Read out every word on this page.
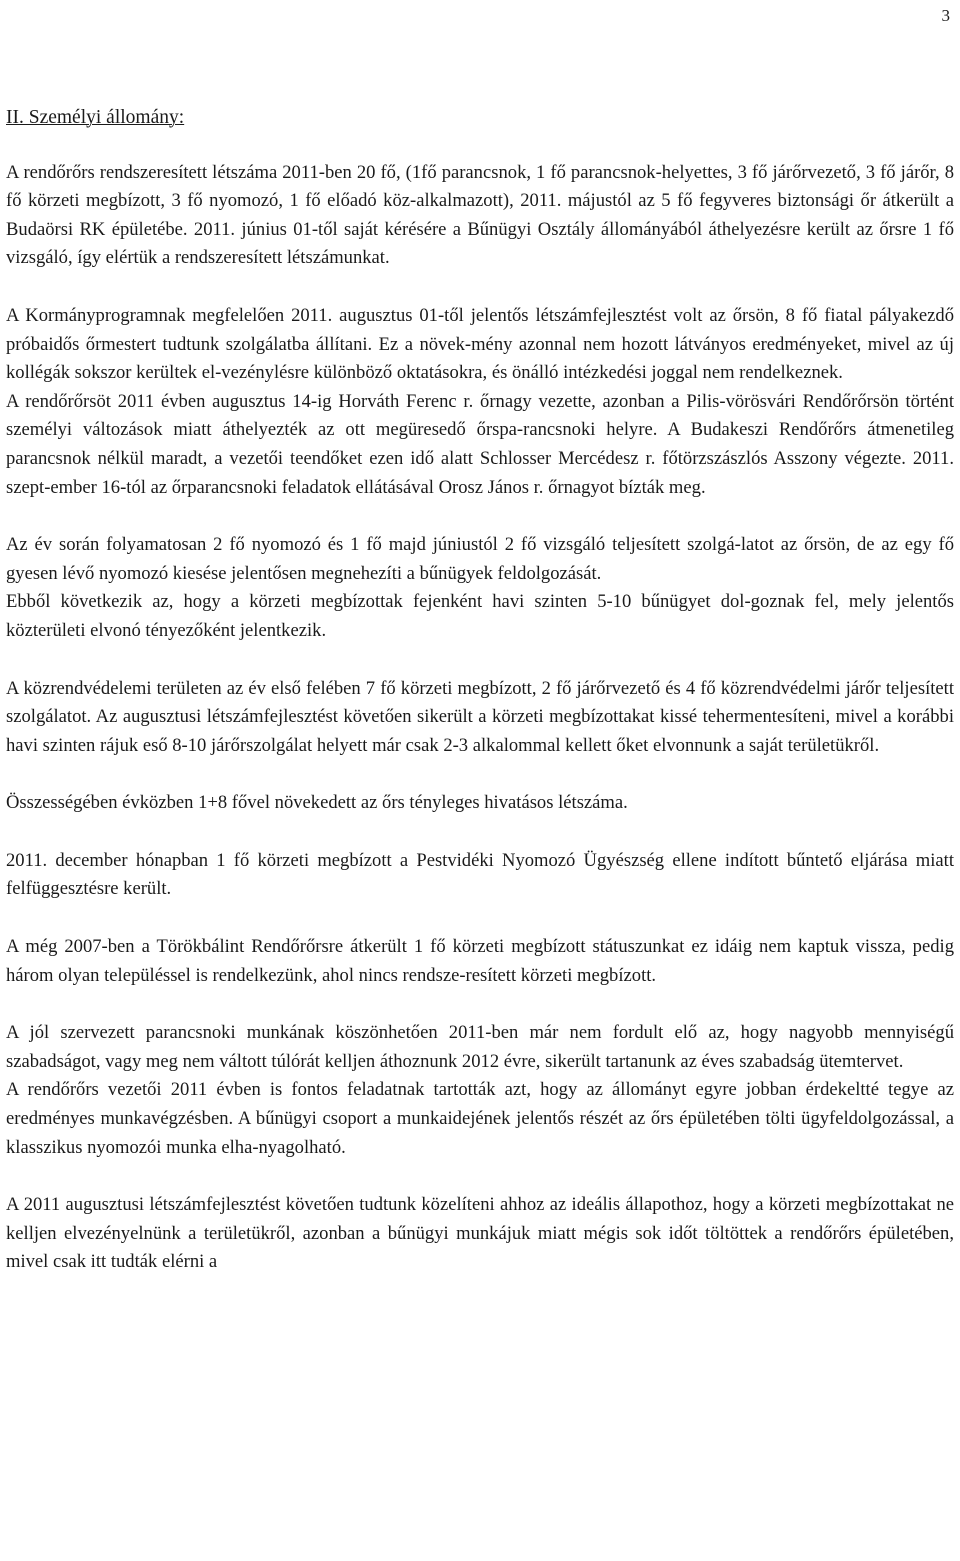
3
II. Személyi állomány:

A rendőrőrs rendszeresített létszáma 2011-ben 20 fő, (1fő parancsnok, 1 fő parancsnok-helyettes, 3 fő járőrvezető, 3 fő járőr, 8 fő körzeti megbízott, 3 fő nyomozó, 1 fő előadó köz-alkalmazott), 2011. májustól az 5 fő fegyveres biztonsági őr átkerült a Budaörsi RK épületébe. 2011. június 01-től saját kérésére a Bűnügyi Osztály állományából áthelyezésre került az őrsre 1 fő vizsgáló, így elértük a rendszeresített létszámunkat.

A Kormányprogramnak megfelelően 2011. augusztus 01-től jelentős létszámfejlesztést volt az őrsön, 8 fő fiatal pályakezdő próbaidős őrmestert tudtunk szolgálatba állítani. Ez a növek-mény azonnal nem hozott látványos eredményeket, mivel az új kollégák sokszor kerültek el-vezénylésre különböző oktatásokra, és önálló intézkedési joggal nem rendelkeznek.

A rendőrőrsöt 2011 évben augusztus 14-ig Horváth Ferenc r. őrnagy vezette, azonban a Pilis-vörösvári Rendőrőrsön történt személyi változások miatt áthelyezték az ott megüresedő őrspa-rancsnoki helyre. A Budakeszi Rendőrőrs átmenetileg parancsnok nélkül maradt, a vezetői teendőket ezen idő alatt Schlosser Mercédesz r. főtörzszászlós Asszony végezte. 2011. szept-ember 16-tól az őrparancsnoki feladatok ellátásával Orosz János r. őrnagyot bízták meg.

Az év során folyamatosan 2 fő nyomozó és 1 fő majd júniustól 2 fő vizsgáló teljesített szolgá-latot az őrsön, de az egy fő gyesen lévő nyomozó kiesése jelentősen megnehezíti a bűnügyek feldolgozását.

Ebből következik az, hogy a körzeti megbízottak fejenként havi szinten 5-10 bűnügyet dol-goznak fel, mely jelentős közterületi elvonó tényezőként jelentkezik.

A közrendvédelemi területen az év első felében 7 fő körzeti megbízott, 2 fő járőrvezető és 4 fő közrendvédelmi járőr teljesített szolgálatot. Az augusztusi létszámfejlesztést követően sikerült a körzeti megbízottakat kissé tehermentesíteni, mivel a korábbi havi szinten rájuk eső 8-10 járőrszolgálat helyett már csak 2-3 alkalommal kellett őket elvonnunk a saját területükről.

Összességében évközben 1+8 fővel növekedett az őrs tényleges hivatásos létszáma.

2011. december hónapban 1 fő körzeti megbízott a Pestvidéki Nyomozó Ügyészség ellene indított bűntető eljárása miatt felfüggesztésre került.

A még 2007-ben a Törökbálint Rendőrőrsre átkerült 1 fő körzeti megbízott státuszunkat ez idáig nem kaptuk vissza, pedig három olyan településsel is rendelkezünk, ahol nincs rendsze-resített körzeti megbízott.

A jól szervezett parancsnoki munkának köszönhetően 2011-ben már nem fordult elő az, hogy nagyobb mennyiségű szabadságot, vagy meg nem váltott túlórát kelljen áthoznunk 2012 évre, sikerült tartanunk az éves szabadság ütemtervet.

A rendőrőrs vezetői 2011 évben is fontos feladatnak tartották azt, hogy az állományt egyre jobban érdekeltté tegye az eredményes munkavégzésben. A bűnügyi csoport a munkaidejének jelentős részét az őrs épületében tölti ügyfeldolgozással, a klasszikus nyomozói munka elha-nyagolható.

A 2011 augusztusi létszámfejlesztést követően tudtunk közelíteni ahhoz az ideális állapothoz, hogy a körzeti megbízottakat ne kelljen elvezényelnünk a területükről, azonban a bűnügyi munkájuk miatt mégis sok időt töltöttek a rendőrőrs épületében, mivel csak itt tudták elérni a
